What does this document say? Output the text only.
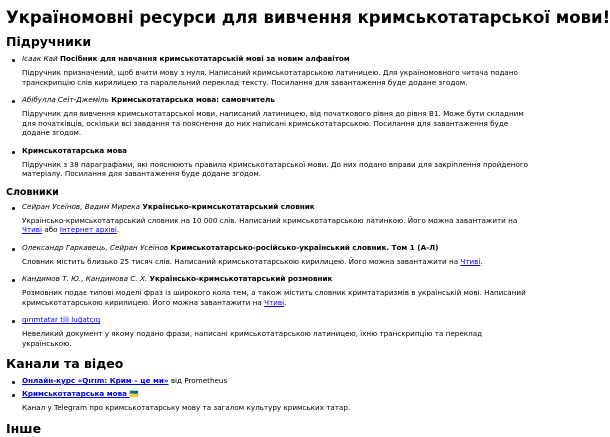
Україномовні ресурси для вивчення кримськотатарської мови!
Підручники
Ісаак Кай Посібник для навчання кримськотатарській мові за новим алфавітом
Підручник призначений, щоб вчити мову з нуля. Написаний кримськотатарською латиницею. Для україномовного читача подано транскрипцію слів кирилицею та паралельний переклад тексту. Посилання для завантаження буде додане згодом.
Абібулла Сеїт-Джеміль Кримськотатарська мова: самовчитель
Підручник для вивчення кримськотатарської мови, написаний латиницею, від початкового рівня до рівня В1. Може бути складним для початківців, оскільки всі завдання та пояснення до них написані кримськотатарською. Посилання для завантаження буде додане згодом.
Кримськотатарська мова
Підручник з 38 параграфами, які пояснюють правила кримськотатарської мови. До них подано вправи для закріплення пройденого матеріалу. Посилання для завантаження буде додане згодом.
Словники
Сейран Усеїнов, Вадим Мирека Українсько-кримськотатарський словник
Українсько-кримськотатарський словник на 10 000 слів. Написаний кримськотатарською латинкою. Його можна завантажити на Чтиві або Інтернет архіві.
Олександр Гаркавець, Сейран Усеїнов Кримськотатарсько-російсько-український словник. Том 1 (А-Л)
Словник містить близько 25 тисяч слів. Написаний кримськотатарською кирилицею. Його можна завантажити на Чтиві.
Кандимов Т. Ю., Кандимова С. Х. Українсько-кримськотатарський розмовник
Розмовник подає типові моделі фраз із широкого кола тем, а також містить словник кримтатаризмів в українській мові. Написаний кримськотатарською кирилицею. Його можна завантажити на Чтиві.
qırımtatar tili luğatçıq
Невеликий документ у якому подано фрази, написані кримськотатарською латиницею, їхню транскрипцію та переклад українською.
Канали та відео
Онлайн-курс «Qırım: Крим – це ми» від Prometheus
Кримськотатарська мова 🇺🇦
Канал у Telegram про кримськотатарську мову та загалом культуру кримських татар.
Інше
